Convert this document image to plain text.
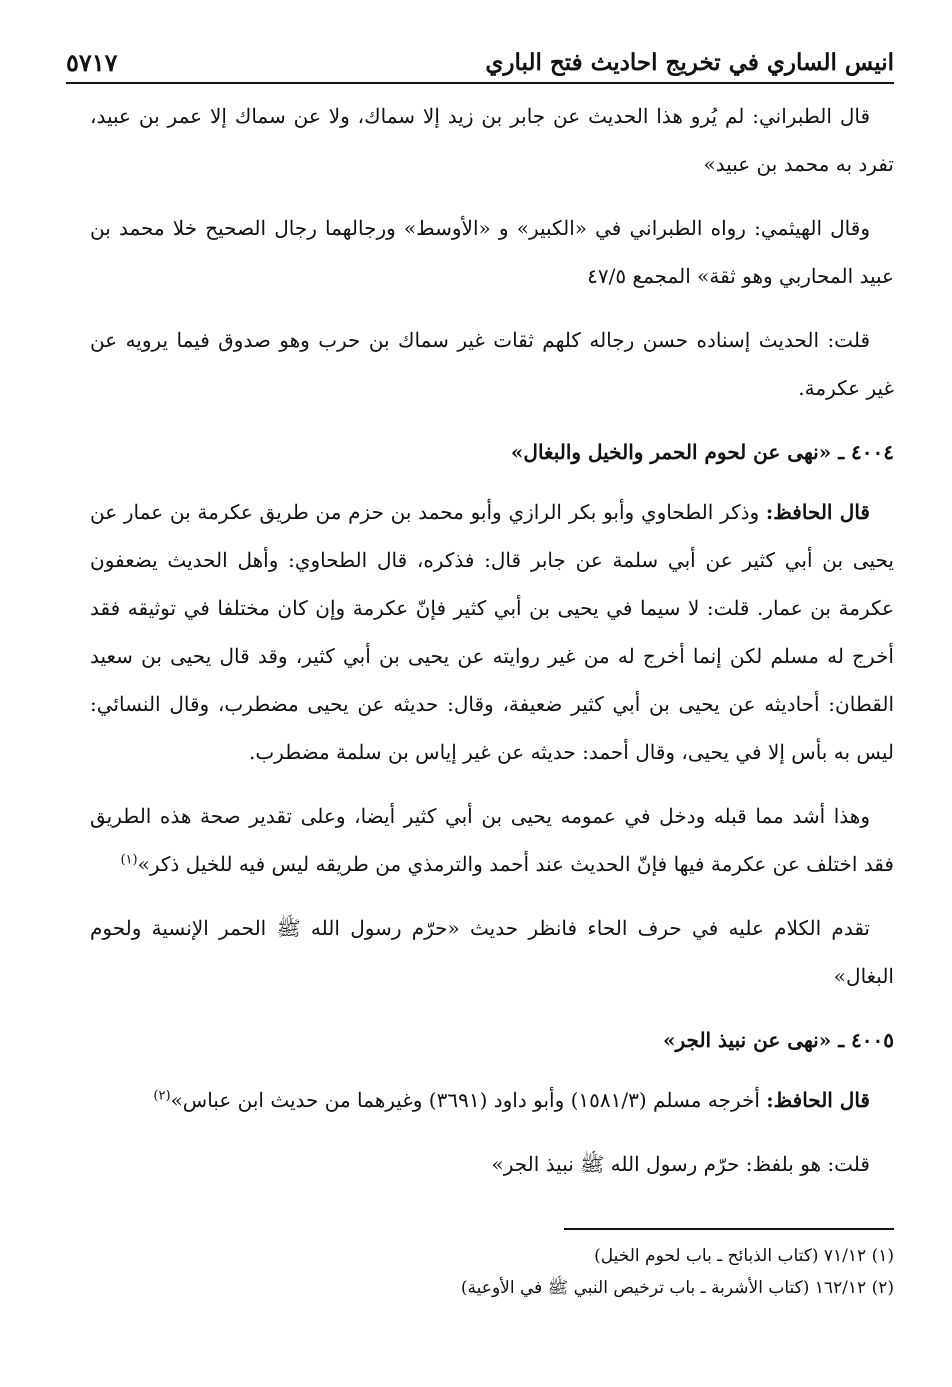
انيس الساري في تخريج احاديث فتح الباري
٥٧١٧

قال الطبراني: لم يُرو هذا الحديث عن جابر بن زيد إلا سماك، ولا عن سماك إلا عمر بن عبيد، تفرد به محمد بن عبيد»

وقال الهيثمي: رواه الطبراني في «الكبير» و «الأوسط» ورجالهما رجال الصحيح خلا محمد بن عبيد المحاربي وهو ثقة» المجمع ٤٧/٥

قلت: الحديث إسناده حسن رجاله كلهم ثقات غير سماك بن حرب وهو صدوق فيما يرويه عن غير عكرمة.

٤٠٠٤ ـ «نهى عن لحوم الحمر والخيل والبغال»

قال الحافظ: وذكر الطحاوي وأبو بكر الرازي وأبو محمد بن حزم من طريق عكرمة بن عمار عن يحيى بن أبي كثير عن أبي سلمة عن جابر قال: فذكره، قال الطحاوي: وأهل الحديث يضعفون عكرمة بن عمار. قلت: لا سيما في يحيى بن أبي كثير فإنّ عكرمة وإن كان مختلفا في توثيقه فقد أخرج له مسلم لكن إنما أخرج له من غير روايته عن يحيى بن أبي كثير، وقد قال يحيى بن سعيد القطان: أحاديثه عن يحيى بن أبي كثير ضعيفة، وقال: حديثه عن يحيى مضطرب، وقال النسائي: ليس به بأس إلا في يحيى، وقال أحمد: حديثه عن غير إياس بن سلمة مضطرب.

وهذا أشد مما قبله ودخل في عمومه يحيى بن أبي كثير أيضا، وعلى تقدير صحة هذه الطريق فقد اختلف عن عكرمة فيها فإنّ الحديث عند أحمد والترمذي من طريقه ليس فيه للخيل ذكر»$^{(١)}$

تقدم الكلام عليه في حرف الحاء فانظر حديث «حرّم رسول الله ﷺ الحمر الإنسية ولحوم البغال»

٤٠٠٥ ـ «نهى عن نبيذ الجر»

قال الحافظ: أخرجه مسلم (١٥٨١/٣) وأبو داود (٣٦٩١) وغيرهما من حديث ابن عباس»$^{(٢)}$

قلت: هو بلفظ: حرّم رسول الله ﷺ نبيذ الجر»

(١) ٧١/١٢ (كتاب الذبائح ـ باب لحوم الخيل)
(٢) ١٦٢/١٢ (كتاب الأشربة ـ باب ترخيص النبي ﷺ في الأوعية)
